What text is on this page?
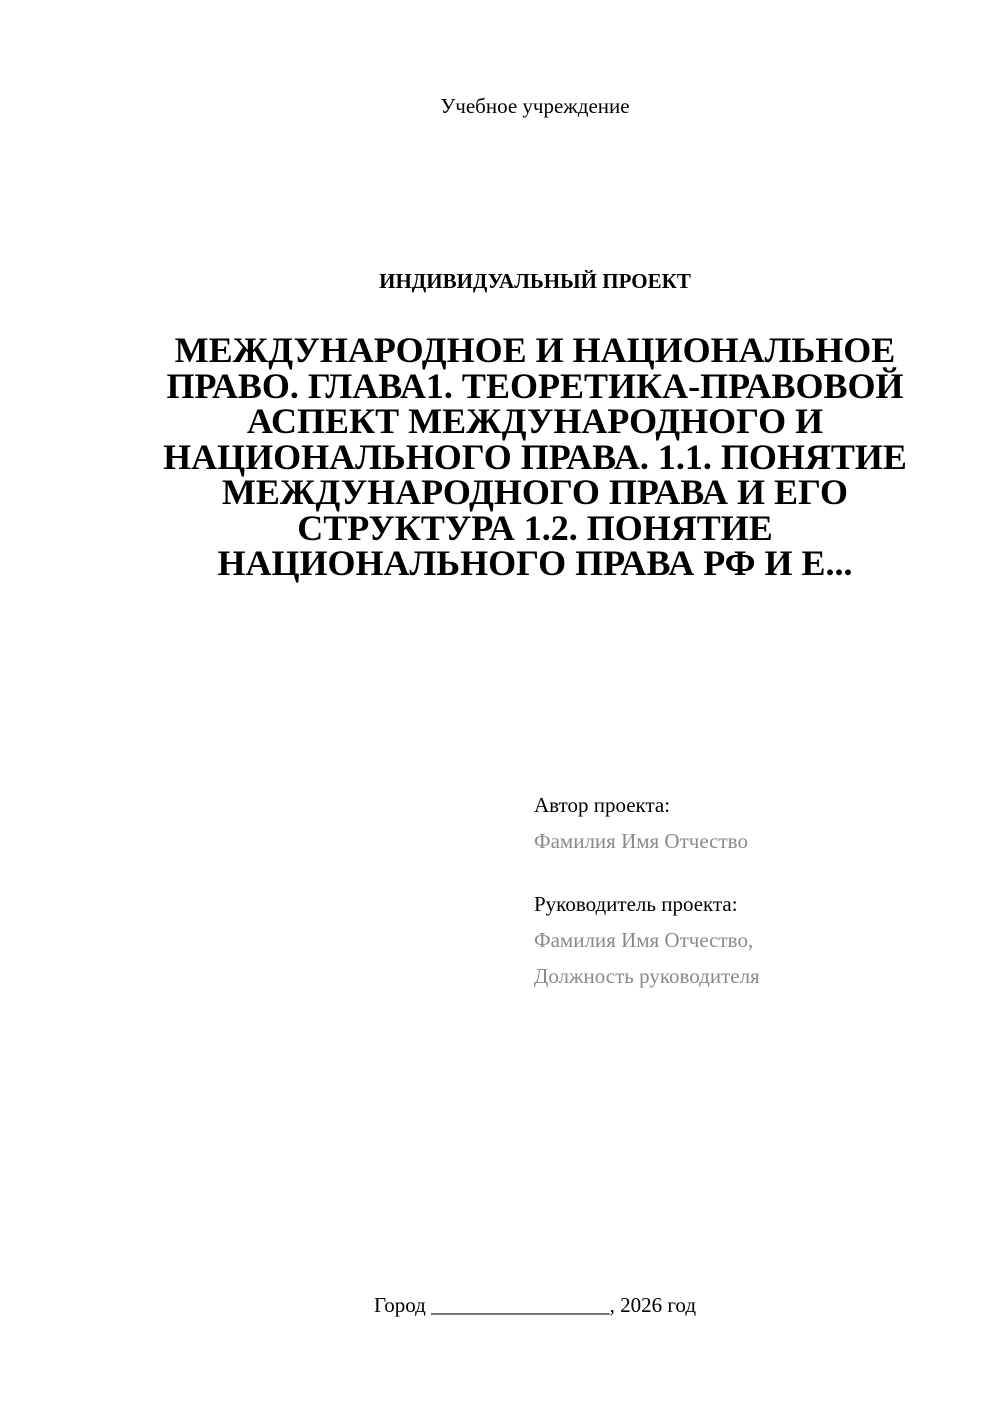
Учебное учреждение
ИНДИВИДУАЛЬНЫЙ ПРОЕКТ
МЕЖДУНАРОДНОЕ И НАЦИОНАЛЬНОЕ ПРАВО. ГЛАВА1. ТЕОРЕТИКА-ПРАВОВОЙ АСПЕКТ МЕЖДУНАРОДНОГО И НАЦИОНАЛЬНОГО ПРАВА. 1.1. ПОНЯТИЕ МЕЖДУНАРОДНОГО ПРАВА И ЕГО СТРУКТУРА 1.2. ПОНЯТИЕ НАЦИОНАЛЬНОГО ПРАВА РФ И Е...
Автор проекта:
Фамилия Имя Отчество
Руководитель проекта:
Фамилия Имя Отчество,
Должность руководителя
Город _________________, 2026 год
